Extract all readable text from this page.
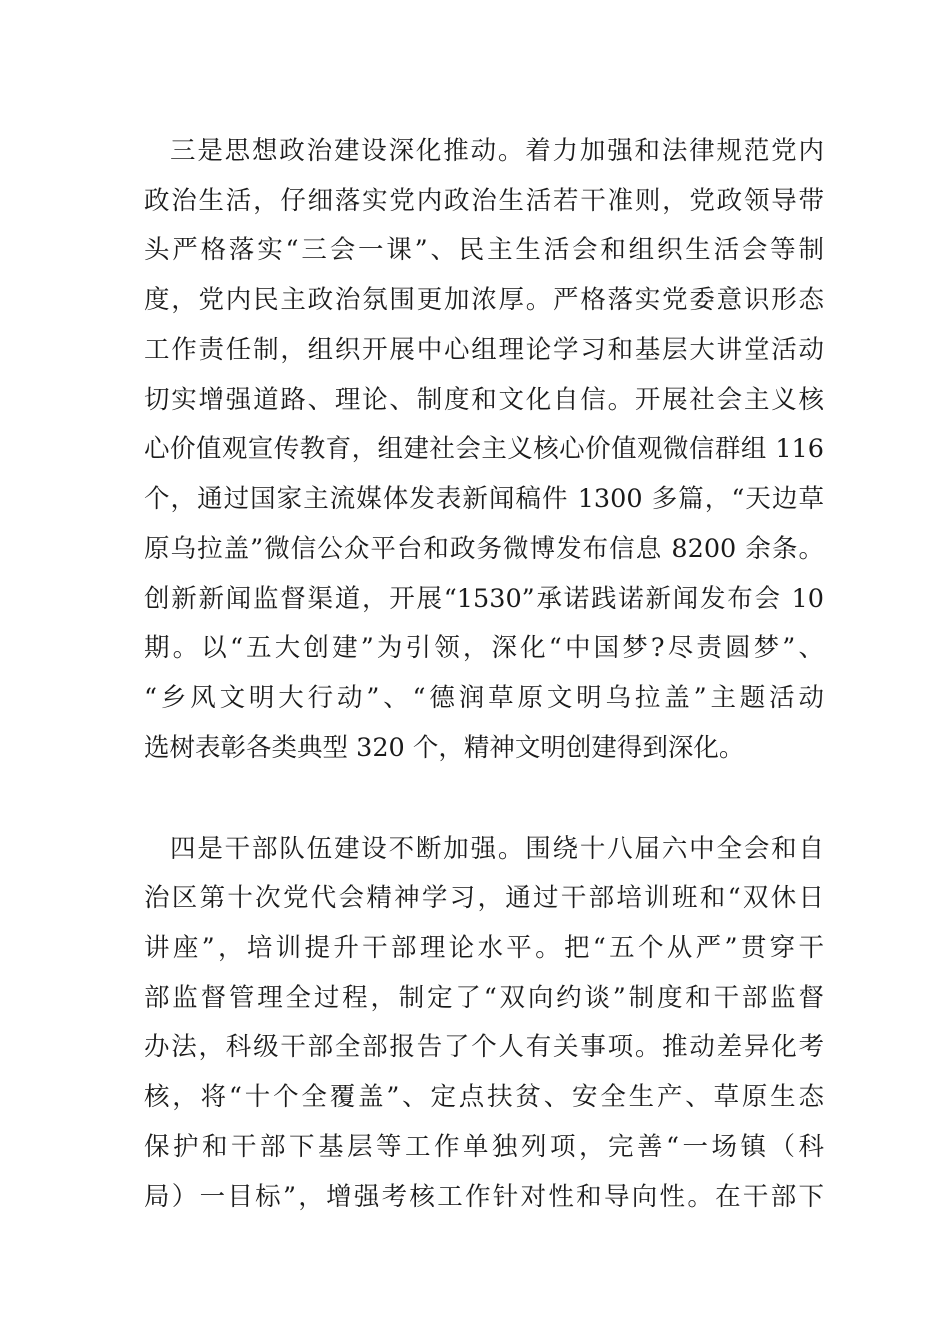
三是思想政治建设深化推动。着力加强和法律规范党内
政治生活，仔细落实党内政治生活若干准则，党政领导带
头严格落实“三会一课”、民主生活会和组织生活会等制
度，党内民主政治氛围更加浓厚。严格落实党委意识形态
工作责任制，组织开展中心组理论学习和基层大讲堂活动
切实增强道路、理论、制度和文化自信。开展社会主义核
心价值观宣传教育，组建社会主义核心价值观微信群组 116
个，通过国家主流媒体发表新闻稿件 1300 多篇，“天边草
原乌拉盖”微信公众平台和政务微博发布信息 8200 余条。
创新新闻监督渠道，开展“1530”承诺践诺新闻发布会 10
期。以“五大创建”为引领，深化“中国梦?尽责圆梦”、
“乡风文明大行动”、“德润草原文明乌拉盖”主题活动
选树表彰各类典型 320 个，精神文明创建得到深化。
四是干部队伍建设不断加强。围绕十八届六中全会和自
治区第十次党代会精神学习，通过干部培训班和“双休日
讲座”，培训提升干部理论水平。把“五个从严”贯穿干
部监督管理全过程，制定了“双向约谈”制度和干部监督
办法，科级干部全部报告了个人有关事项。推动差异化考
核，将“十个全覆盖”、定点扶贫、安全生产、草原生态
保护和干部下基层等工作单独列项，完善“一场镇（科
局）一目标”，增强考核工作针对性和导向性。在干部下
